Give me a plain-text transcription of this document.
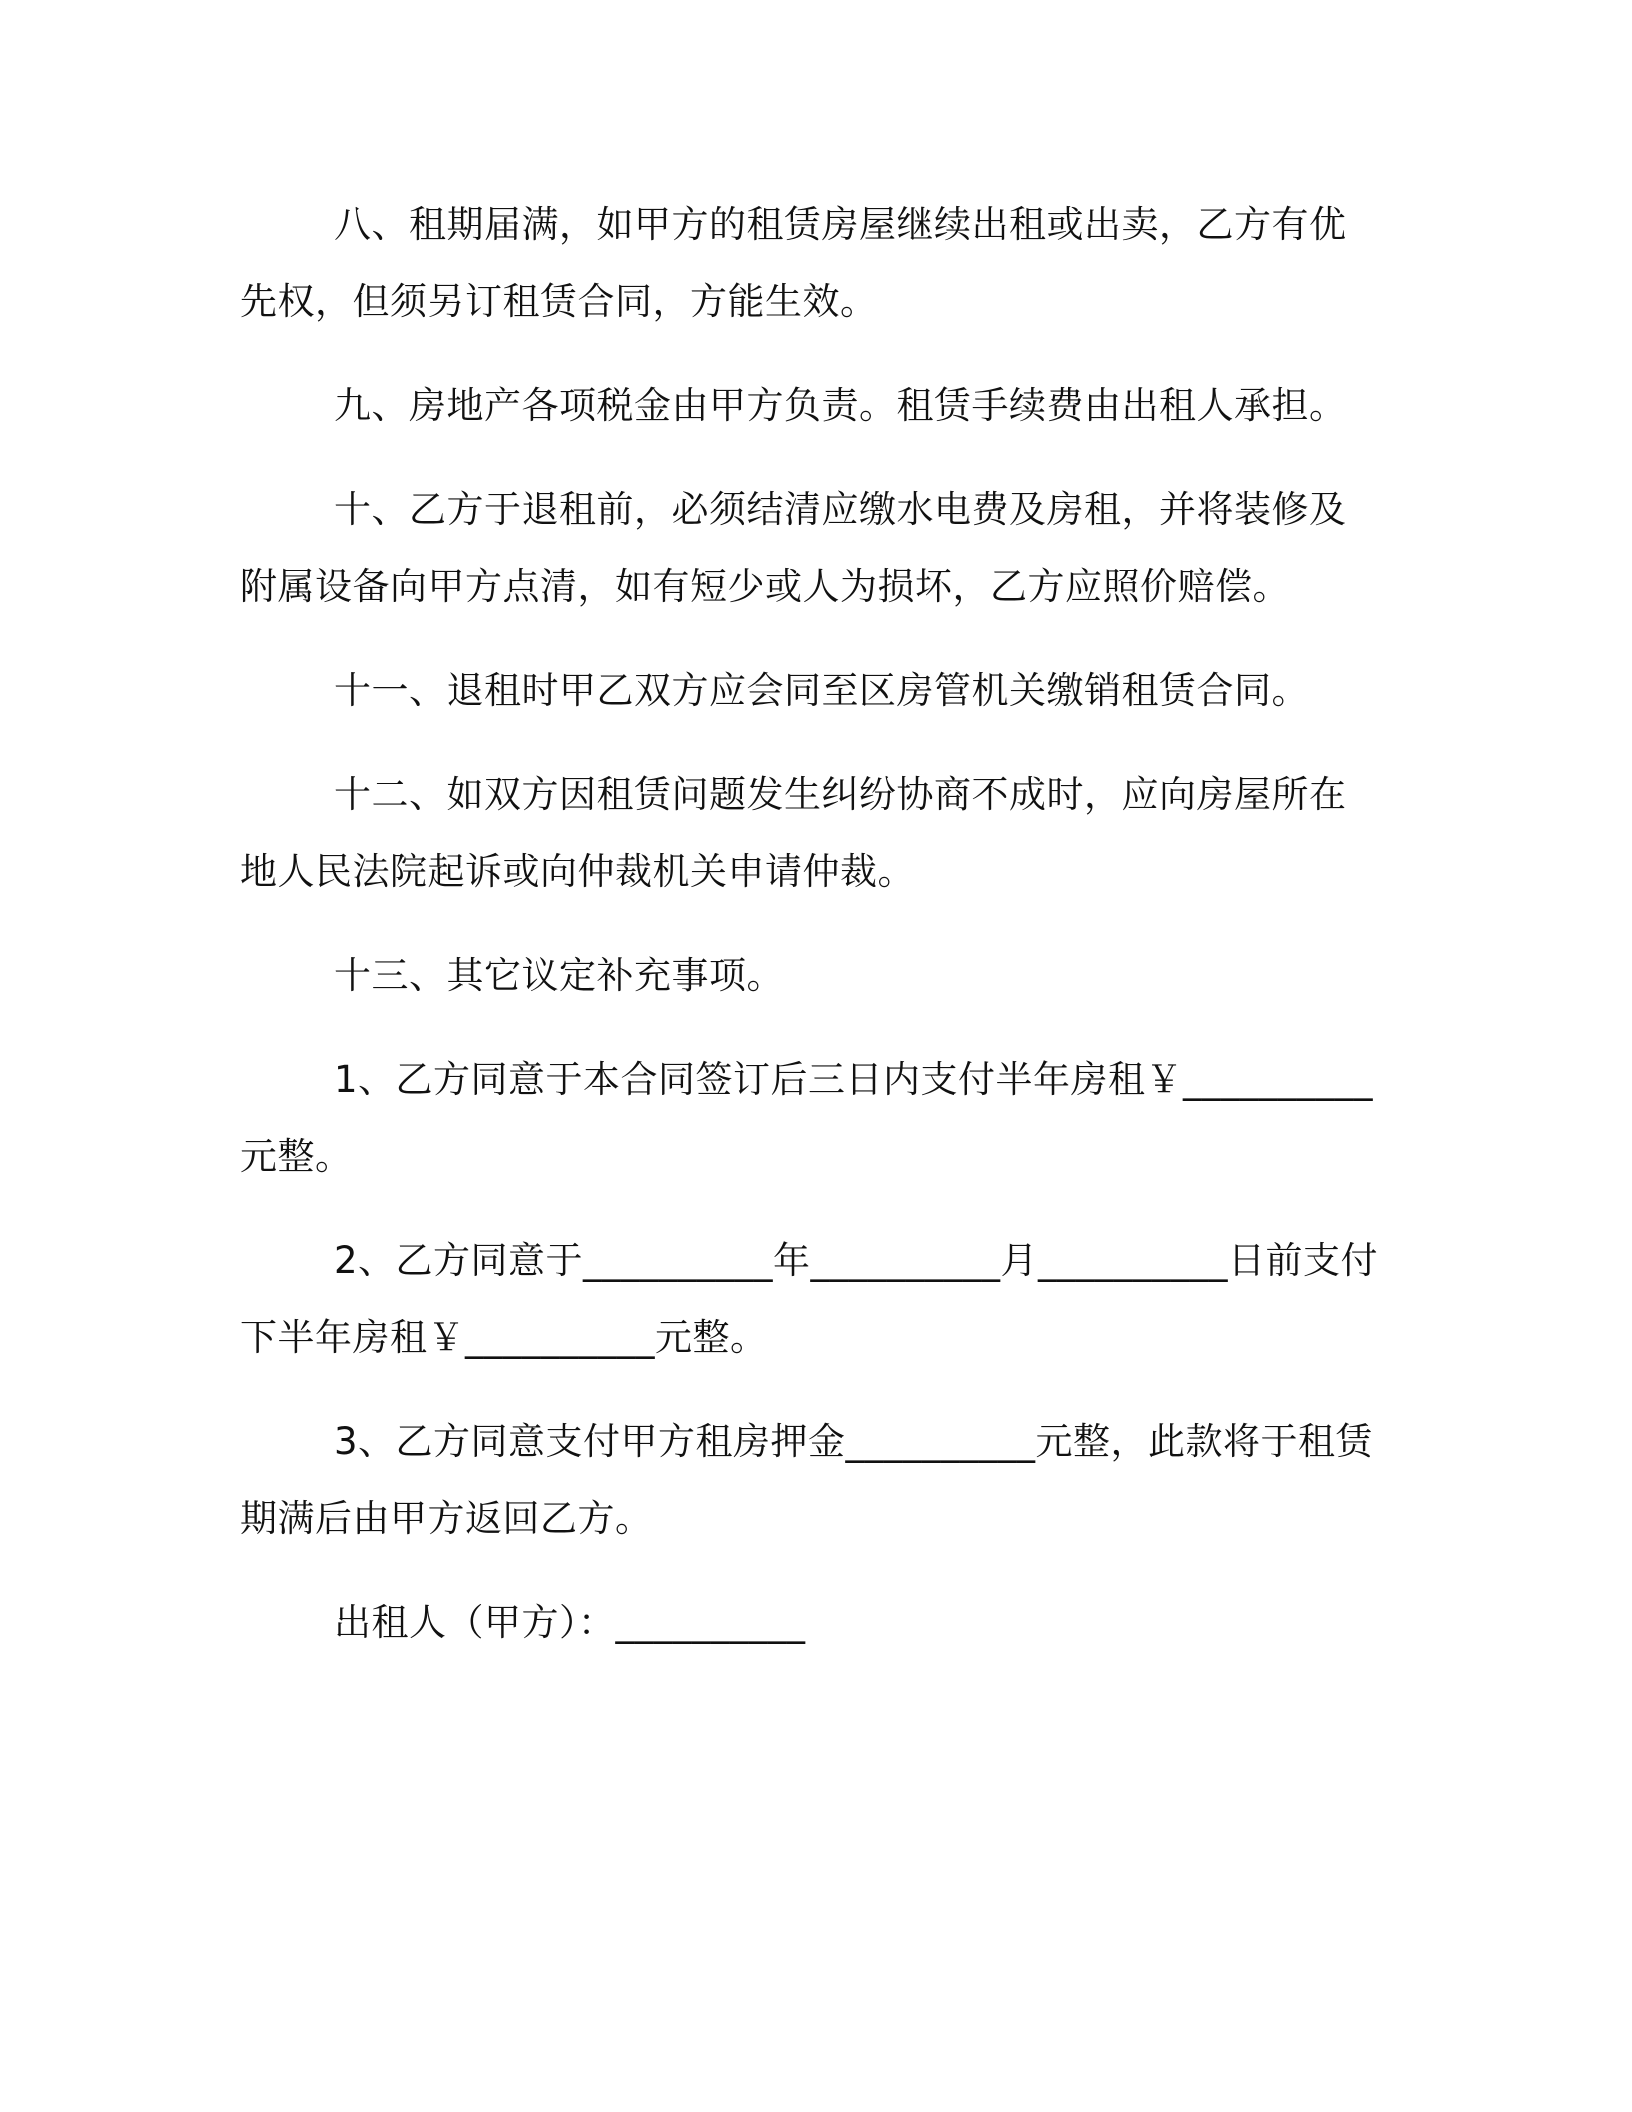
八、租期届满，如甲方的租赁房屋继续出租或出卖，乙方有优先权，但须另订租赁合同，方能生效。

九、房地产各项税金由甲方负责。租赁手续费由出租人承担。

十、乙方于退租前，必须结清应缴水电费及房租，并将装修及附属设备向甲方点清，如有短少或人为损坏，乙方应照价赔偿。

十一、退租时甲乙双方应会同至区房管机关缴销租赁合同。

十二、如双方因租赁问题发生纠纷协商不成时，应向房屋所在地人民法院起诉或向仲裁机关申请仲裁。

十三、其它议定补充事项。

1、乙方同意于本合同签订后三日内支付半年房租￥__________元整。

2、乙方同意于__________年__________月__________日前支付下半年房租￥__________元整。

3、乙方同意支付甲方租房押金__________元整，此款将于租赁期满后由甲方返回乙方。

出租人（甲方）：__________
